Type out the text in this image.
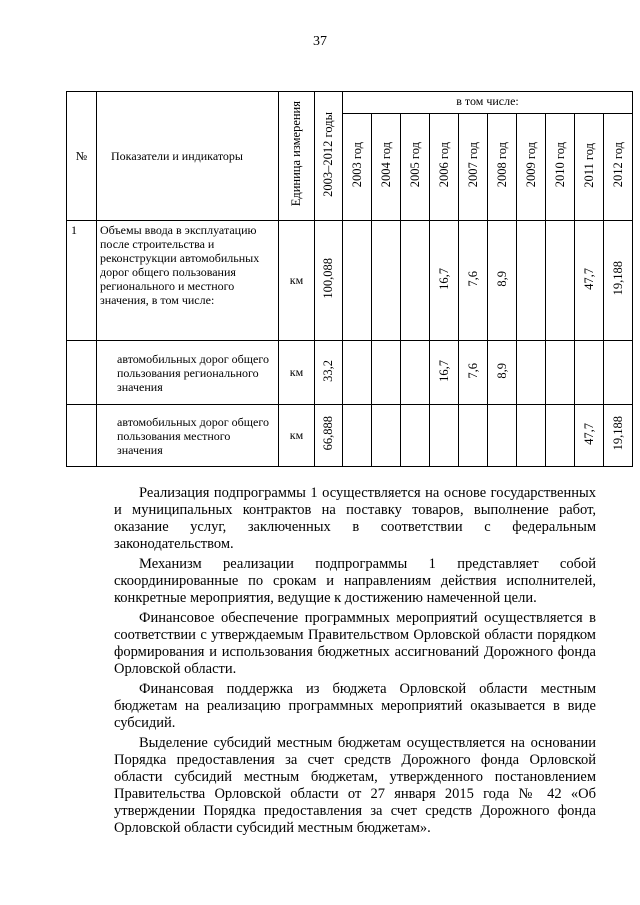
37
№	Показатели и индикаторы	Единица измерения	2003–2012 годы	в том числе:									
				2003 год	2004 год	2005 год	2006 год	2007 год	2008 год	2009 год	2010 год	2011 год	2012 год
1	Объемы ввода в эксплуатацию после строительства и реконструкции автомобильных дорог общего пользования регионального и местного значения, в том числе:	км	100,088				16,7	7,6	8,9			47,7	19,188
	автомобильных дорог общего пользования регионального значения	км	33,2				16,7	7,6	8,9				
	автомобильных дорог общего пользования местного значения	км	66,888									47,7	19,188

Реализация подпрограммы 1 осуществляется на основе государственных и муниципальных контрактов на поставку товаров, выполнение работ, оказание услуг, заключенных в соответствии с федеральным законодательством.

Механизм реализации подпрограммы 1 представляет собой скоординированные по срокам и направлениям действия исполнителей, конкретные мероприятия, ведущие к достижению намеченной цели.

Финансовое обеспечение программных мероприятий осуществляется в соответствии с утверждаемым Правительством Орловской области порядком формирования и использования бюджетных ассигнований Дорожного фонда Орловской области.

Финансовая поддержка из бюджета Орловской области местным бюджетам на реализацию программных мероприятий оказывается в виде субсидий.

Выделение субсидий местным бюджетам осуществляется на основании Порядка предоставления за счет средств Дорожного фонда Орловской области субсидий местным бюджетам, утвержденного постановлением Правительства Орловской области от 27 января 2015 года № 42 «Об утверждении Порядка предоставления за счет средств Дорожного фонда Орловской области субсидий местным бюджетам».
